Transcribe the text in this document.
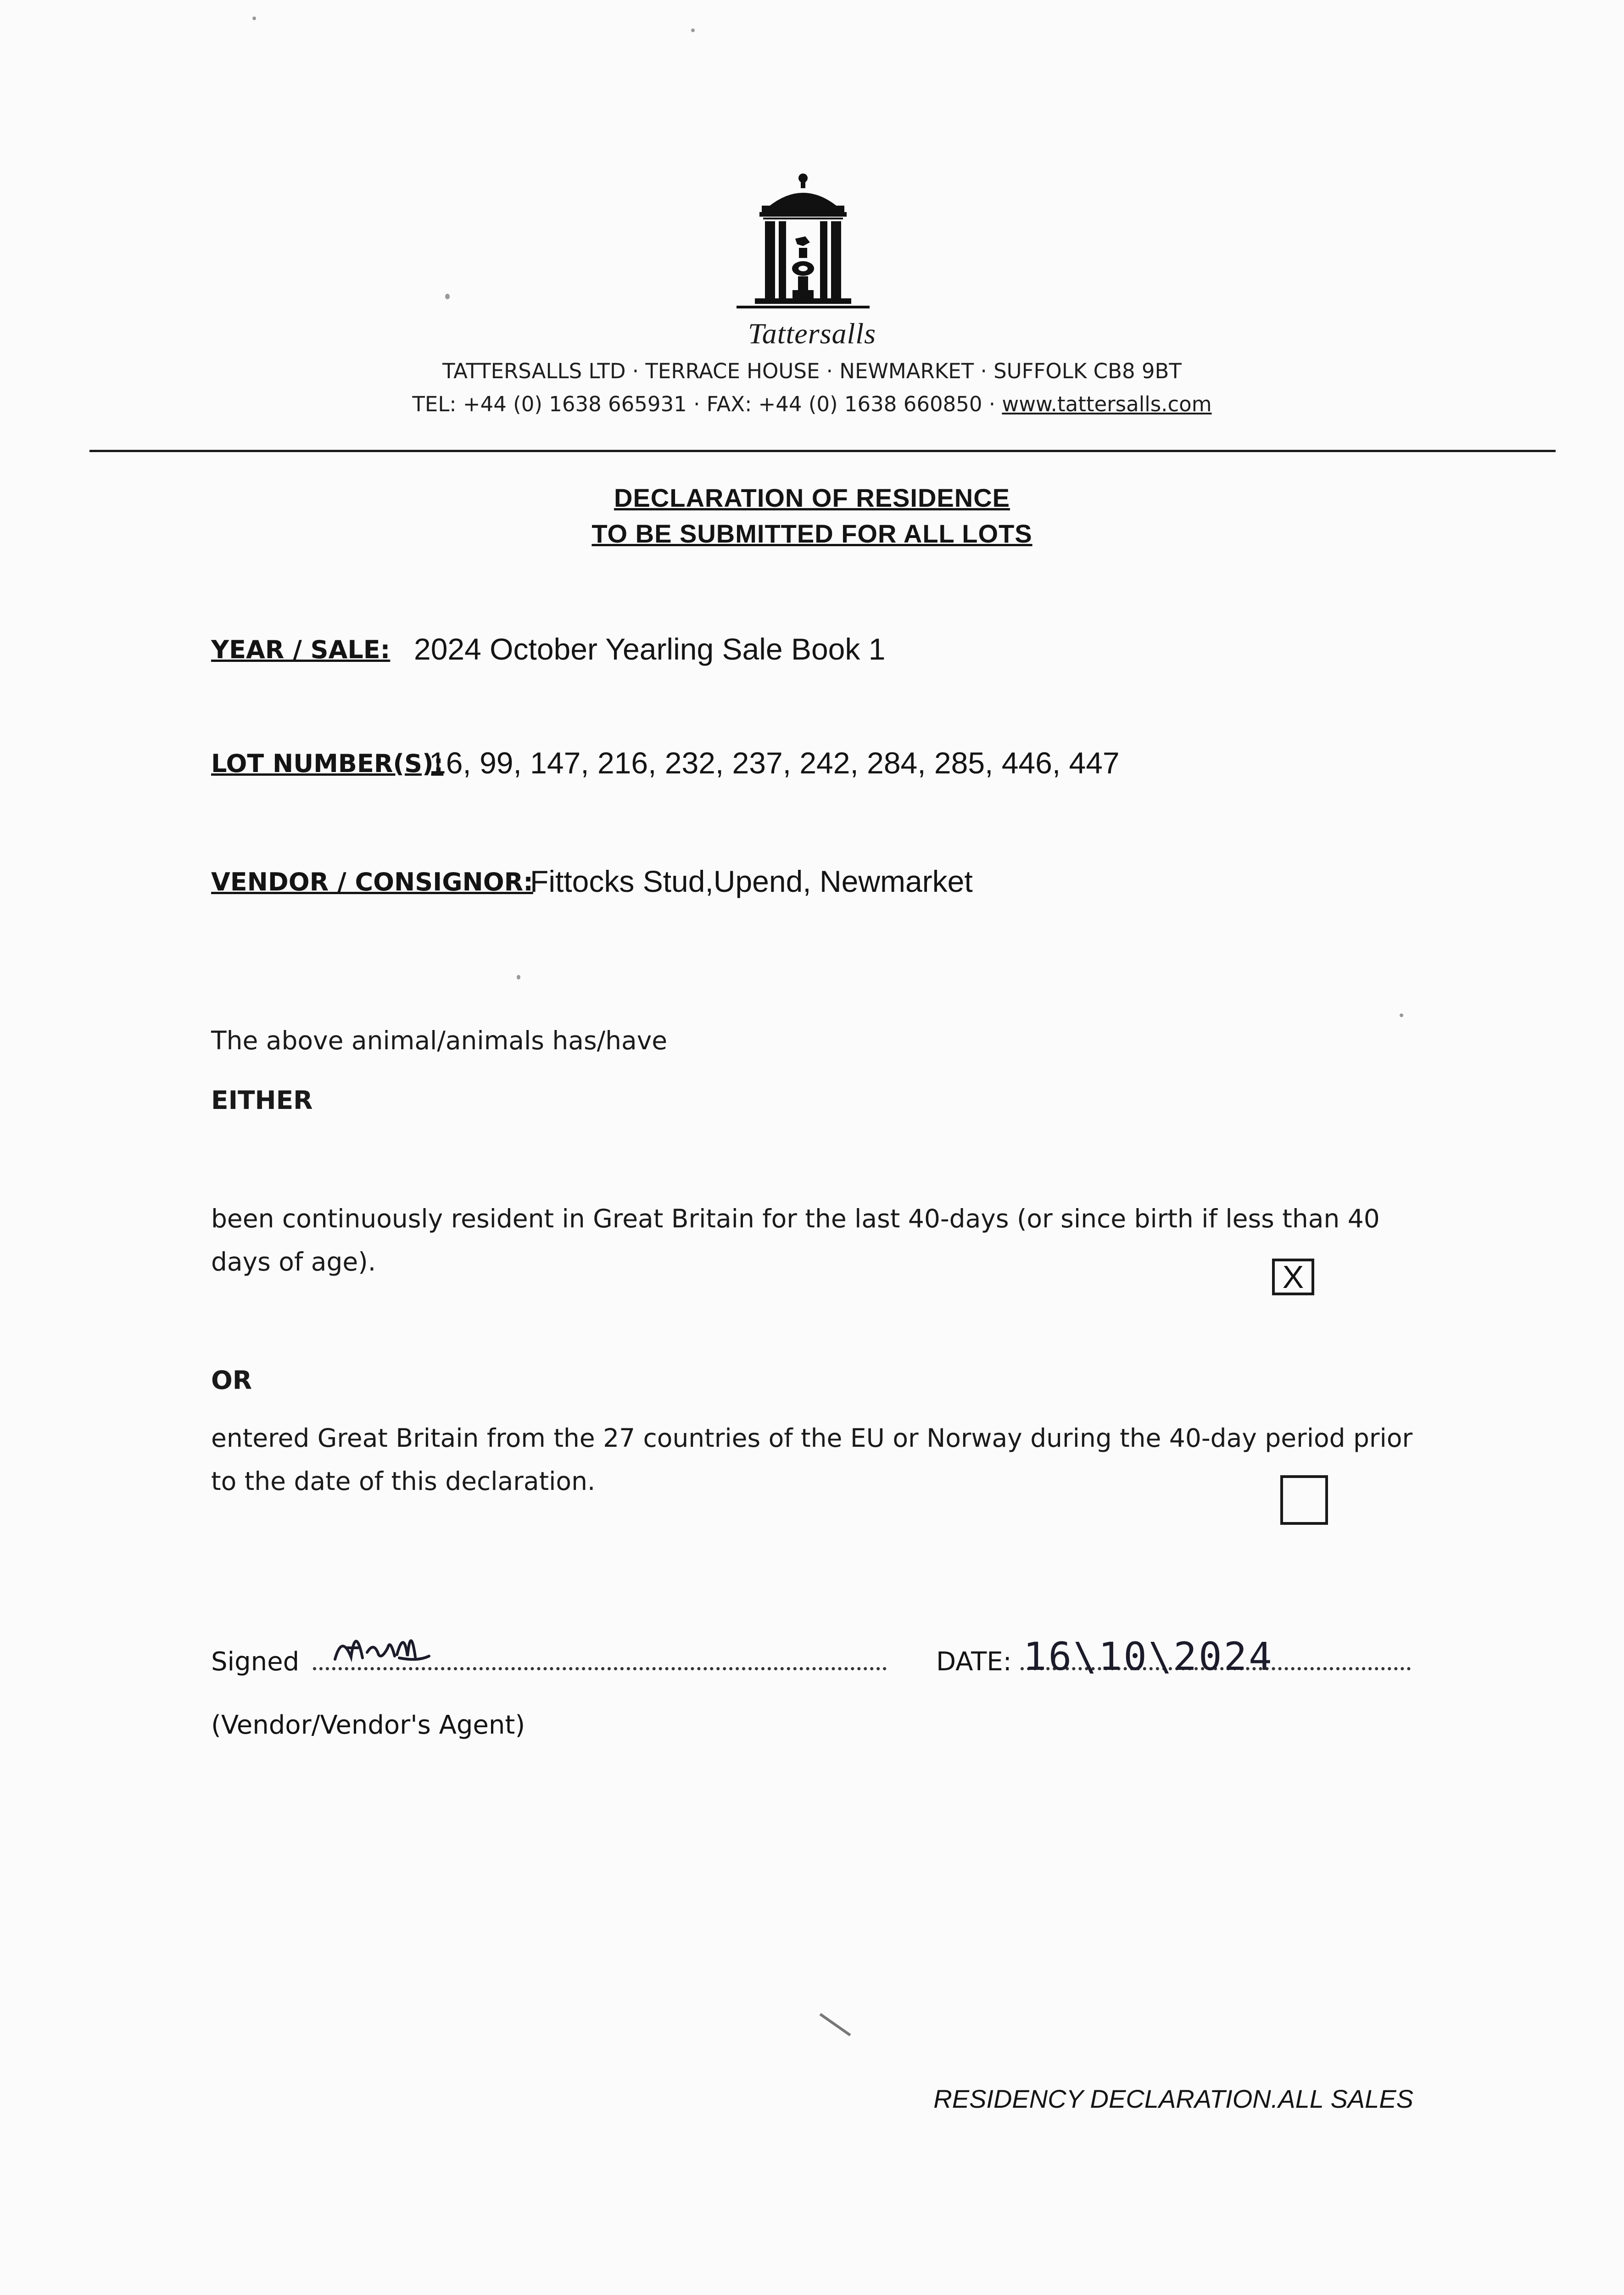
Tattersalls
TATTERSALLS LTD · TERRACE HOUSE · NEWMARKET · SUFFOLK CB8 9BT
TEL: +44 (0) 1638 665931 · FAX: +44 (0) 1638 660850 · www.tattersalls.com
DECLARATION OF RESIDENCE
TO BE SUBMITTED FOR ALL LOTS
YEAR / SALE: 2024 October Yearling Sale Book 1
LOT NUMBER(S):
16, 99, 147, 216, 232, 237, 242, 284, 285, 446, 447
VENDOR / CONSIGNOR:
Fittocks Stud,Upend, Newmarket
The above animal/animals has/have
EITHER
been continuously resident in Great Britain for the last 40-days (or since birth if less than 40 days of age).	X
OR
entered Great Britain from the 27 countries of the EU or Norway during the 40-day period prior to the date of this declaration.
Signed
(Vendor/Vendor's Agent)
DATE: 16\10\2024
RESIDENCY DECLARATION.ALL SALES
